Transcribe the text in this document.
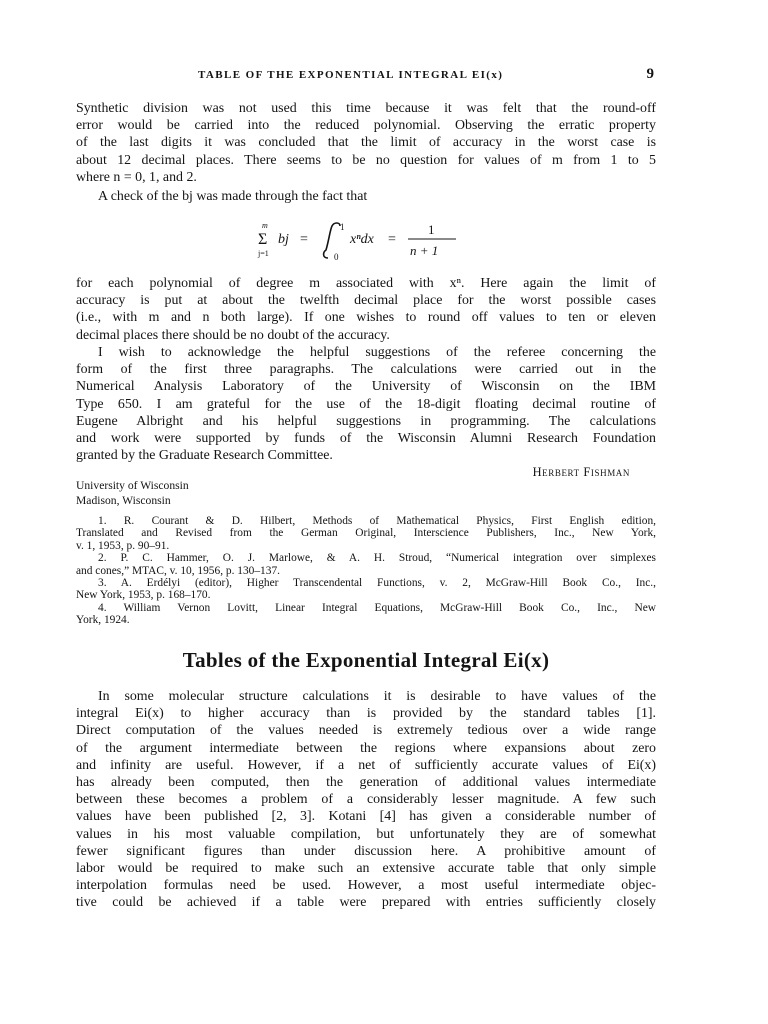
TABLE OF THE EXPONENTIAL INTEGRAL EI(x)	9
Synthetic division was not used this time because it was felt that the round-off
error would be carried into the reduced polynomial. Observing the erratic property
of the last digits it was concluded that the limit of accuracy in the worst case is
about 12 decimal places. There seems to be no question for values of m from 1 to 5
where n = 0, 1, and 2.
A check of the bj was made through the fact that
m
Σ
j=1
bj =
1
0
xⁿdx =
1
n + 1
for each polynomial of degree m associated with xⁿ. Here again the limit of
accuracy is put at about the twelfth decimal place for the worst possible cases
(i.e., with m and n both large). If one wishes to round off values to ten or eleven
decimal places there should be no doubt of the accuracy.
I wish to acknowledge the helpful suggestions of the referee concerning the
form of the first three paragraphs. The calculations were carried out in the
Numerical Analysis Laboratory of the University of Wisconsin on the IBM
Type 650. I am grateful for the use of the 18-digit floating decimal routine of
Eugene Albright and his helpful suggestions in programming. The calculations
and work were supported by funds of the Wisconsin Alumni Research Foundation
granted by the Graduate Research Committee.
Herbert Fishman
University of Wisconsin
Madison, Wisconsin
1. R. Courant & D. Hilbert, Methods of Mathematical Physics, First English edition,
Translated and Revised from the German Original, Interscience Publishers, Inc., New York,
v. 1, 1953, p. 90–91.
2. P. C. Hammer, O. J. Marlowe, & A. H. Stroud, “Numerical integration over simplexes
and cones,” MTAC, v. 10, 1956, p. 130–137.
3. A. Erdélyi (editor), Higher Transcendental Functions, v. 2, McGraw-Hill Book Co., Inc.,
New York, 1953, p. 168–170.
4. William Vernon Lovitt, Linear Integral Equations, McGraw-Hill Book Co., Inc., New
York, 1924.
Tables of the Exponential Integral Ei(x)
In some molecular structure calculations it is desirable to have values of the
integral Ei(x) to higher accuracy than is provided by the standard tables [1].
Direct computation of the values needed is extremely tedious over a wide range
of the argument intermediate between the regions where expansions about zero
and infinity are useful. However, if a net of sufficiently accurate values of Ei(x)
has already been computed, then the generation of additional values intermediate
between these becomes a problem of a considerably lesser magnitude. A few such
values have been published [2, 3]. Kotani [4] has given a considerable number of
values in his most valuable compilation, but unfortunately they are of somewhat
fewer significant figures than under discussion here. A prohibitive amount of
labor would be required to make such an extensive accurate table that only simple
interpolation formulas need be used. However, a most useful intermediate objec-
tive could be achieved if a table were prepared with entries sufficiently closely
